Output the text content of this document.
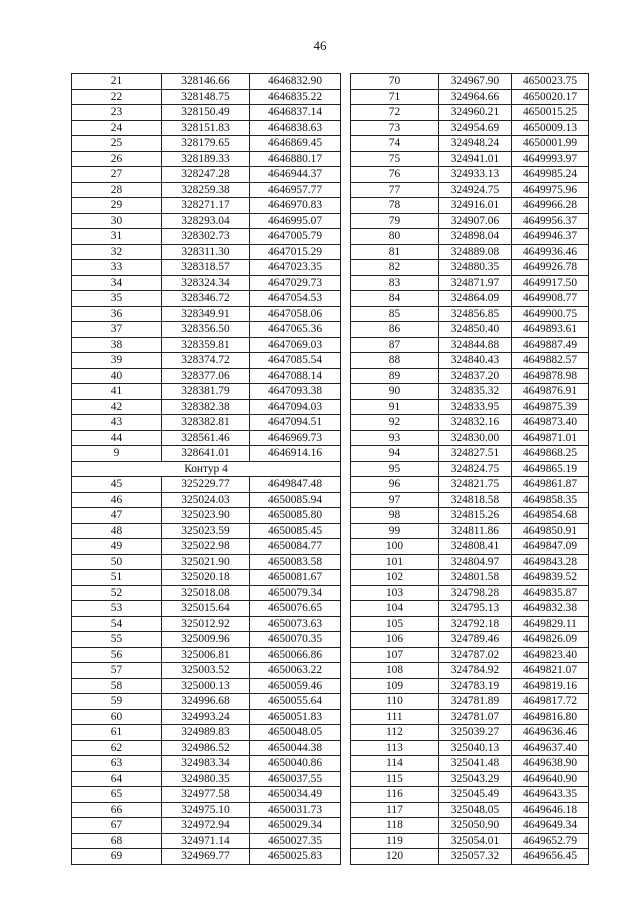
46
21	328146.66	4646832.90		70	324967.90	4650023.75
22	328148.75	4646835.22		71	324964.66	4650020.17
23	328150.49	4646837.14		72	324960.21	4650015.25
24	328151.83	4646838.63		73	324954.69	4650009.13
25	328179.65	4646869.45		74	324948.24	4650001.99
26	328189.33	4646880.17		75	324941.01	4649993.97
27	328247.28	4646944.37		76	324933.13	4649985.24
28	328259.38	4646957.77		77	324924.75	4649975.96
29	328271.17	4646970.83		78	324916.01	4649966.28
30	328293.04	4646995.07		79	324907.06	4649956.37
31	328302.73	4647005.79		80	324898.04	4649946.37
32	328311.30	4647015.29		81	324889.08	4649936.46
33	328318.57	4647023.35		82	324880.35	4649926.78
34	328324.34	4647029.73		83	324871.97	4649917.50
35	328346.72	4647054.53		84	324864.09	4649908.77
36	328349.91	4647058.06		85	324856.85	4649900.75
37	328356.50	4647065.36		86	324850.40	4649893.61
38	328359.81	4647069.03		87	324844.88	4649887.49
39	328374.72	4647085.54		88	324840.43	4649882.57
40	328377.06	4647088.14		89	324837.20	4649878.98
41	328381.79	4647093.38		90	324835.32	4649876.91
42	328382.38	4647094.03		91	324833.95	4649875.39
43	328382.81	4647094.51		92	324832.16	4649873.40
44	328561.46	4646969.73		93	324830.00	4649871.01
9	328641.01	4646914.16		94	324827.51	4649868.25
Контур 4				95	324824.75	4649865.19
45	325229.77	4649847.48		96	324821.75	4649861.87
46	325024.03	4650085.94		97	324818.58	4649858.35
47	325023.90	4650085.80		98	324815.26	4649854.68
48	325023.59	4650085.45		99	324811.86	4649850.91
49	325022.98	4650084.77		100	324808.41	4649847.09
50	325021.90	4650083.58		101	324804.97	4649843.28
51	325020.18	4650081.67		102	324801.58	4649839.52
52	325018.08	4650079.34		103	324798.28	4649835.87
53	325015.64	4650076.65		104	324795.13	4649832.38
54	325012.92	4650073.63		105	324792.18	4649829.11
55	325009.96	4650070.35		106	324789.46	4649826.09
56	325006.81	4650066.86		107	324787.02	4649823.40
57	325003.52	4650063.22		108	324784.92	4649821.07
58	325000.13	4650059.46		109	324783.19	4649819.16
59	324996.68	4650055.64		110	324781.89	4649817.72
60	324993.24	4650051.83		111	324781.07	4649816.80
61	324989.83	4650048.05		112	325039.27	4649636.46
62	324986.52	4650044.38		113	325040.13	4649637.40
63	324983.34	4650040.86		114	325041.48	4649638.90
64	324980.35	4650037.55		115	325043.29	4649640.90
65	324977.58	4650034.49		116	325045.49	4649643.35
66	324975.10	4650031.73		117	325048.05	4649646.18
67	324972.94	4650029.34		118	325050.90	4649649.34
68	324971.14	4650027.35		119	325054.01	4649652.79
69	324969.77	4650025.83		120	325057.32	4649656.45
